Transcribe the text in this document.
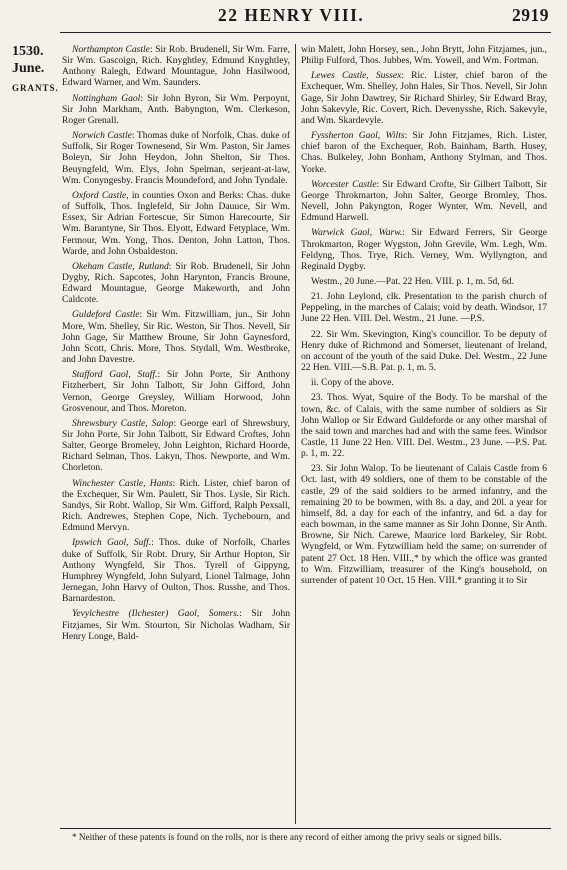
22 HENRY VIII.	2919
1530.
June.
GRANTS.

Northampton Castle: Sir Rob. Brudenell, Sir Wm. Farre, Sir Wm. Gascoign, Rich. Knyghtley, Edmund Knyghtley, Anthony Ralegh, Edward Mountague, John Hasilwood, Edward Warner, and Wm. Saunders.

Nottingham Gaol: Sir John Byron, Sir Wm. Perpoynt, Sir John Markham, Anth. Babyngton, Wm. Clerkeson, Roger Grenall.

Norwich Castle: Thomas duke of Norfolk, Chas. duke of Suffolk, Sir Roger Townesend, Sir Wm. Paston, Sir James Boleyn, Sir John Heydon, John Shelton, Sir Thos. Beuyngfeld, Wm. Elys, John Spelman, serjeant-at-law, Wm. Conyngesby. Francis Moundeford, and John Tyndale.

Oxford Castle, in counties Oxon and Berks: Chas. duke of Suffolk, Thos. Inglefeld, Sir John Dauuce, Sir Wm. Essex, Sir Adrian Fortescue, Sir Simon Harecourte, Sir Wm. Barantyne, Sir Thos. Elyott, Edward Fetyplace, Wm. Fermour, Wm. Yong, Thos. Denton, John Latton, Thos. Warde, and John Osbaldeston.

Okeham Castle, Rutland: Sir Rob. Brudenell, Sir John Dygby, Rich. Sapcotes, John Harynton, Francis Broune, Edward Mountague, George Makeworth, and John Caldcote.

Guldeford Castle: Sir Wm. Fitzwilliam, jun., Sir John More, Wm. Shelley, Sir Ric. Weston, Sir Thos. Nevell, Sir John Gage, Sir Matthew Broune, Sir John Gaynesford, John Scott, Chris. More, Thos. Stydall, Wm. Westbroke, and John Davestre.

Stafford Gaol, Staff.: Sir John Porte, Sir Anthony Fitzherbert, Sir John Talbott, Sir John Gifford, John Vernon, George Greysley, William Horwood, John Grosvenour, and Thos. Moreton.

Shrewsbury Castle, Salop: George earl of Shrewsbury, Sir John Porte, Sir John Talbott, Sir Edward Croftes, John Salter, George Bromeley, John Leighton, Richard Hoorde, Richard Selman, Thos. Lakyn, Thos. Newporte, and Wm. Chorleton.

Winchester Castle, Hants: Rich. Lister, chief baron of the Exchequer, Sir Wm. Paulett, Sir Thos. Lysle, Sir Rich. Sandys, Sir Robt. Wallop, Sir Wm. Gifford, Ralph Pexsall, Rich. Andrewes, Stephen Cope, Nich. Tychebourn, and Edmund Mervyn.

Ipswich Gaol, Suff.: Thos. duke of Norfolk, Charles duke of Suffolk, Sir Robt. Drury, Sir Arthur Hopton, Sir Anthony Wyngfeld, Sir Thos. Tyrell of Gippyng, Humphrey Wyngfeld, John Sulyard, Lionel Talmage, John Jernegan, John Harvy of Oulton, Thos. Russhe, and Thos. Barnardeston.

Yevylchestre (Ilchester) Gaol, Somers.: Sir John Fitzjames, Sir Wm. Stourton, Sir Nicholas Wadham, Sir Henry Longe, Bald-

win Malett, John Horsey, sen., John Brytt, John Fitzjames, jun., Philip Fulford, Thos. Jubbes, Wm. Yowell, and Wm. Fortman.

Lewes Castle, Sussex: Ric. Lister, chief baron of the Exchequer, Wm. Shelley, John Hales, Sir Thos. Nevell, Sir John Gage, Sir John Dawtrey, Sir Richard Shirley, Sir Edward Bray, John Sakevyle, Ric. Covert, Rich. Devenysshe, Rich. Sakevyle, and Wm. Skardevyle.

Fyssherton Gaol, Wilts: Sir John Fitzjames, Rich. Lister, chief baron of the Exchequer, Rob. Bainham, Barth. Husey, Chas. Bulkeley, John Bonham, Anthony Stylman, and Thos. Yorke.

Worcester Castle: Sir Edward Crofte, Sir Gilbert Talbott, Sir George Throkmarton, John Salter, George Bromley, Thos. Nevell, John Pakyngton, Roger Wynter, Wm. Nevell, and Edmund Harwell.

Warwick Gaol, Warw.: Sir Edward Ferrers, Sir George Throkmarton, Roger Wygston, John Grevile, Wm. Legh, Wm. Feldyng, Thos. Trye, Rich. Verney, Wm. Wyllyngton, and Reginald Dygby.

Westm., 20 June.—Pat. 22 Hen. VIII. p. 1, m. 5d, 6d.

21. John Leylond, clk. Presentation to the parish church of Peppeling, in the marches of Calais; void by death. Windsor, 17 June 22 Hen. VIII. Del. Westm., 21 June. —P.S.

22. Sir Wm. Skevington, King's councillor. To be deputy of Henry duke of Richmond and Somerset, lieutenant of Ireland, on account of the youth of the said Duke. Del. Westm., 22 June 22 Hen. VIII.—S.B. Pat. p. 1, m. 5.

ii. Copy of the above.

23. Thos. Wyat, Squire of the Body. To be marshal of the town, &c. of Calais, with the same number of soldiers as Sir John Wallop or Sir Edward Guldeforde or any other marshal of the said town and marches had and with the same fees. Windsor Castle, 11 June 22 Hen. VIII. Del. Westm., 23 June. —P.S. Pat. p. 1, m. 22.

23. Sir John Walop. To be lieutenant of Calais Castle from 6 Oct. last, with 49 soldiers, one of them to be constable of the castle, 29 of the said soldiers to be armed infantry, and the remaining 20 to be bowmen, with 8s. a day, and 20l. a year for himself, 8d. a day for each of the infantry, and 6d. a day for each bowman, in the same manner as Sir John Donne, Sir Anth. Browne, Sir Nich. Carewe, Maurice lord Barkeley, Sir Robt. Wyngfeld, or Wm. Fytzwilliam held the same; on surrender of patent 27 Oct. 18 Hen. VIII.,* by which the office was granted to Wm. Fitzwilliam, treasurer of the King's household, on surrender of patent 10 Oct. 15 Hen. VIII.* granting it to Sir

* Neither of these patents is found on the rolls, nor is there any record of either among the privy seals or signed bills.
